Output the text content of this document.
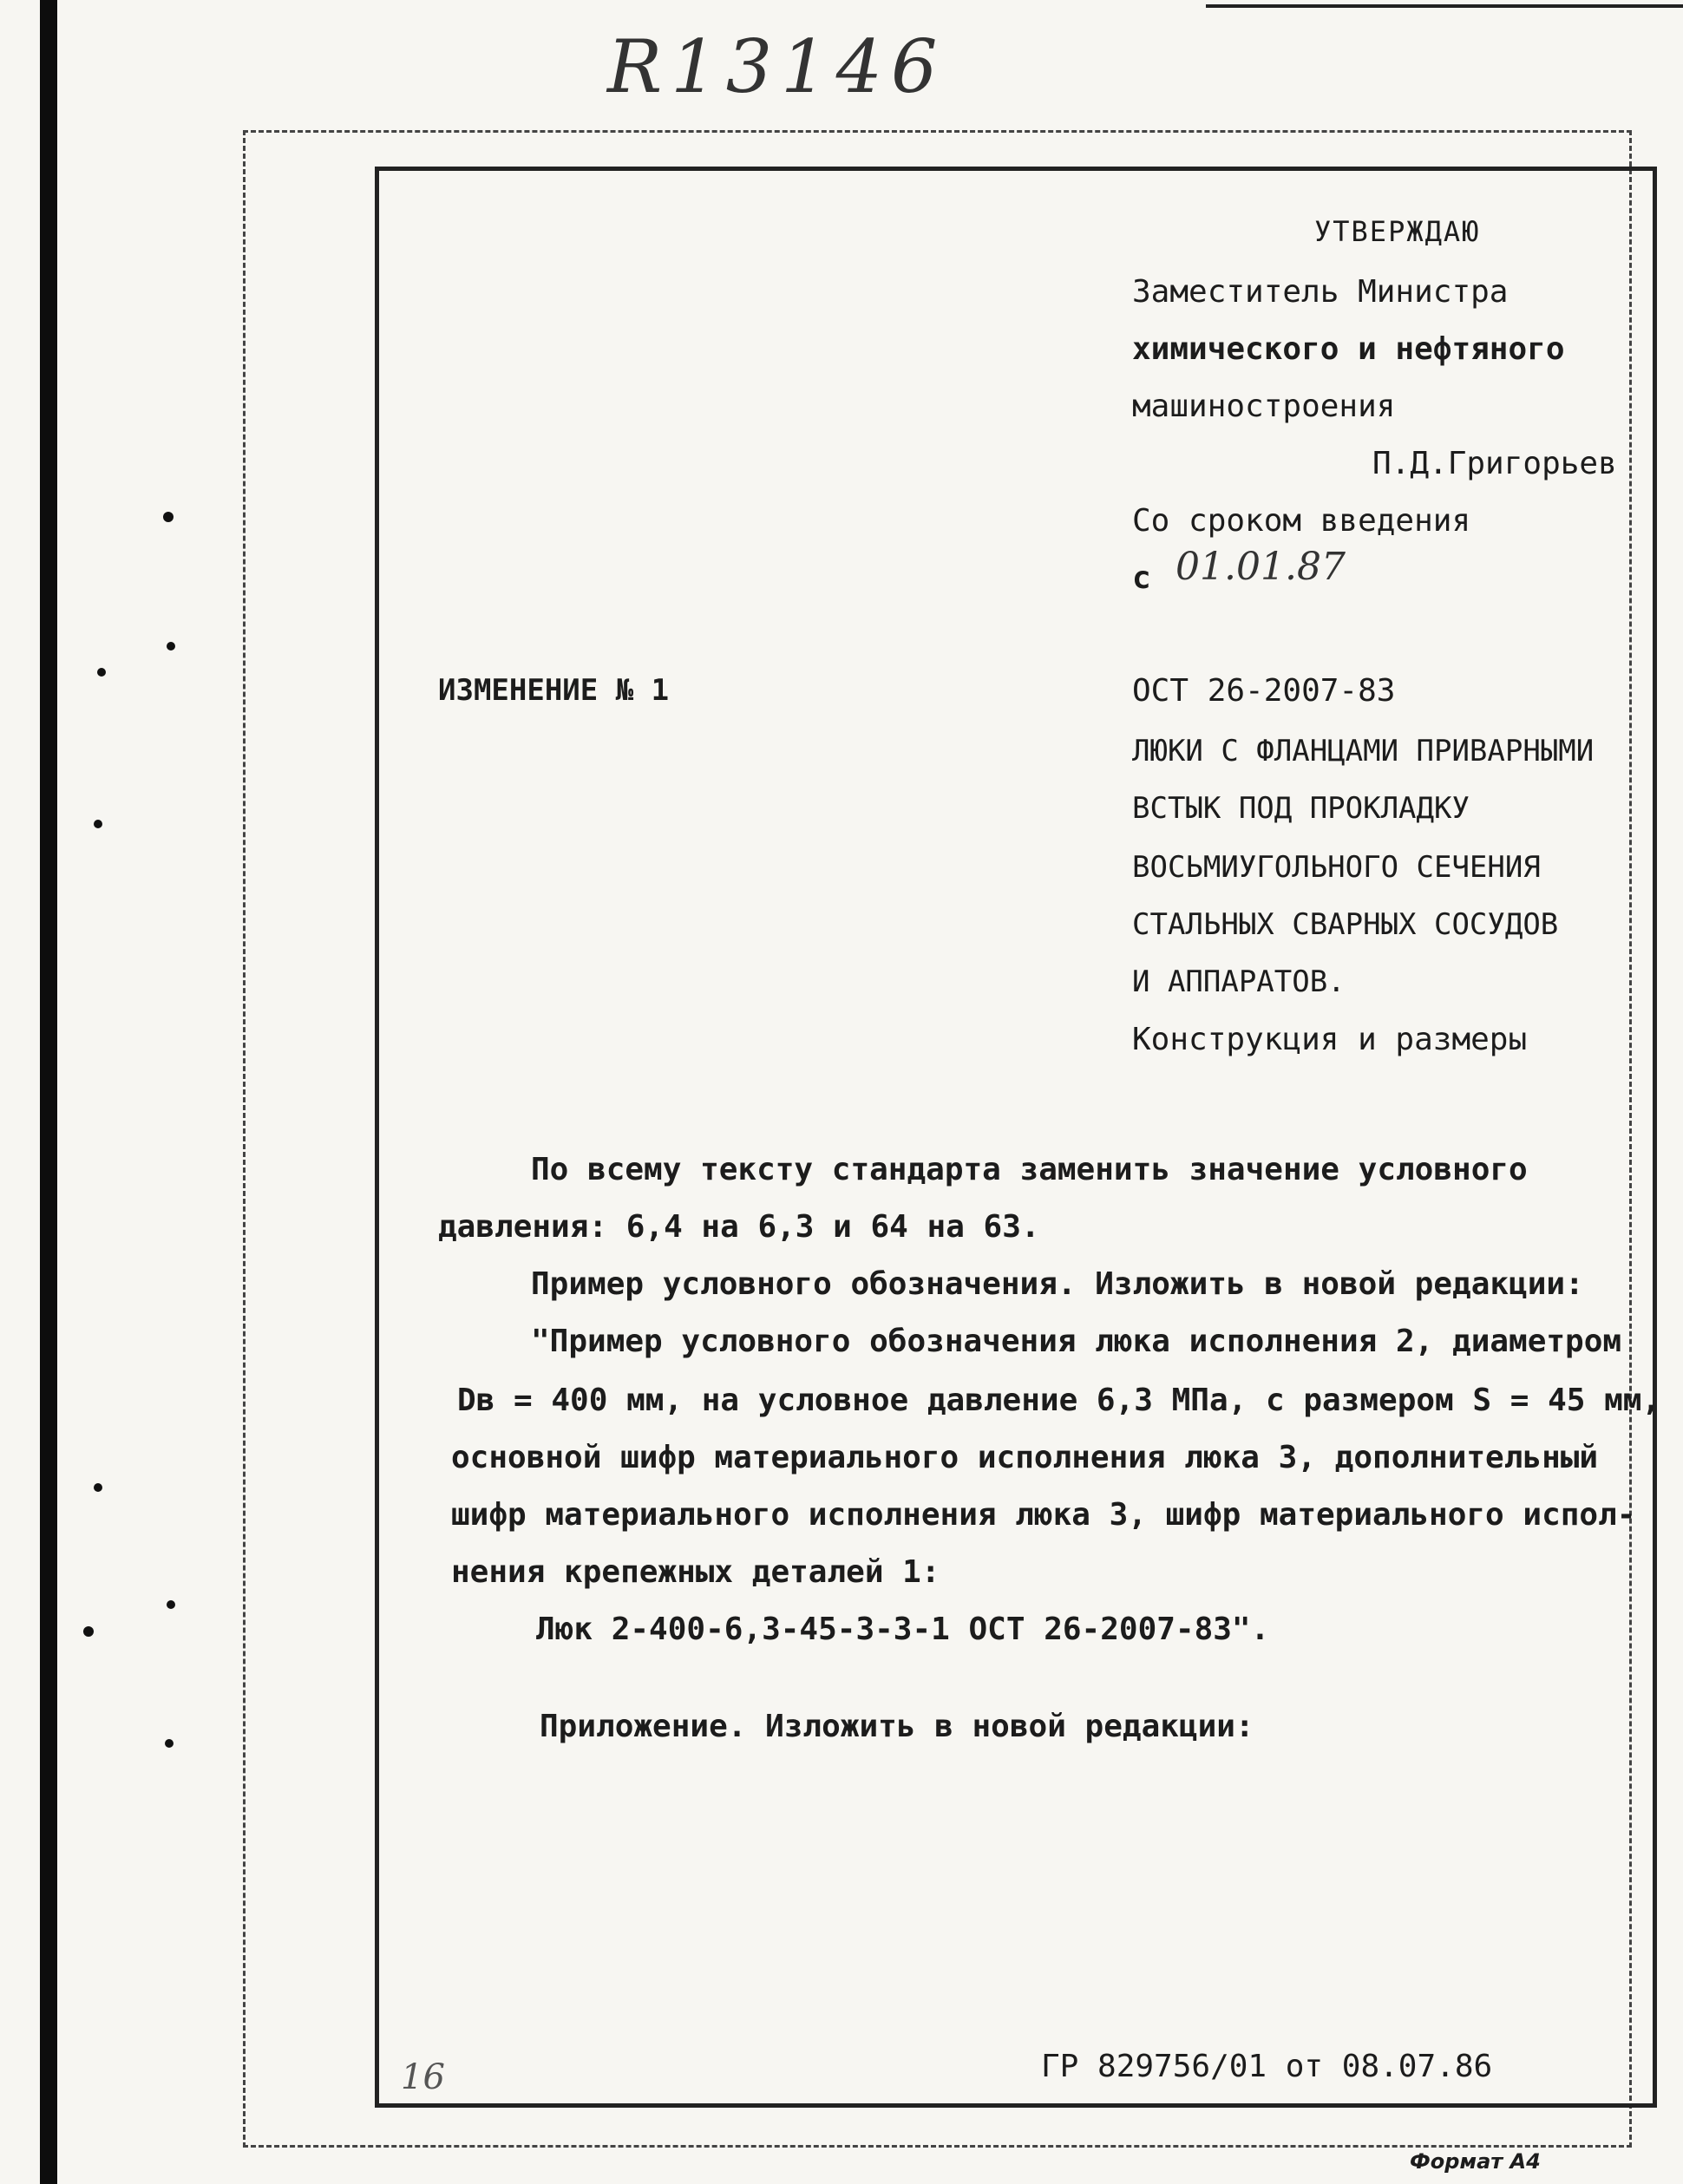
R13146
УТВЕРЖДАЮ
Заместитель Министра
химического и нефтяного
машиностроения
П.Д.Григорьев
Со сроком введения
с 01.01.87
ИЗМЕНЕНИЕ № 1	ОСТ 26-2007-83
ЛЮКИ С ФЛАНЦАМИ ПРИВАРНЫМИ
ВСТЫК ПОД ПРОКЛАДКУ
ВОСЬМИУГОЛЬНОГО СЕЧЕНИЯ
СТАЛЬНЫХ СВАРНЫХ СОСУДОВ
И АППАРАТОВ.
Конструкция и размеры
По всему тексту стандарта заменить значение условного
давления: 6,4 на 6,3 и 64 на 63.
Пример условного обозначения. Изложить в новой редакции:
"Пример условного обозначения люка исполнения 2, диаметром
Dв = 400 мм, на условное давление 6,3 МПа, с размером S = 45 мм,
основной шифр материального исполнения люка 3, дополнительный
шифр материального исполнения люка 3, шифр материального испол-
нения крепежных деталей 1:
Люк 2-400-6,3-45-3-3-1 ОСТ 26-2007-83".
Приложение. Изложить в новой редакции:
16	ГР 829756/01 от 08.07.86
Формат А4
